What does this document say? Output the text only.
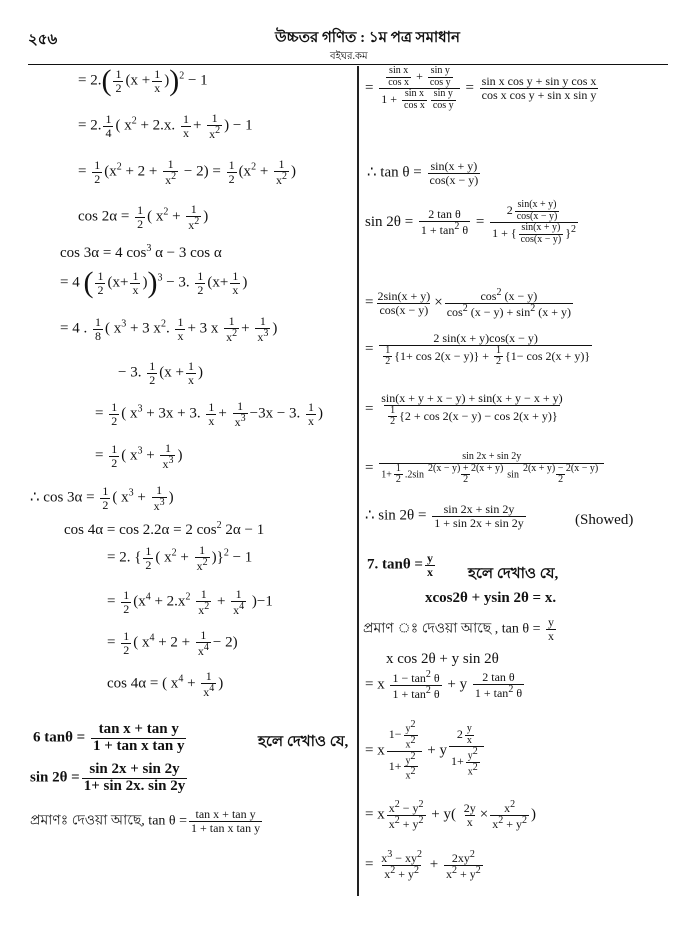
২৫৬	উচ্চতর গণিত : ১ম পত্র সমাধান
বইঘর.কম
= $2.( \frac{1}{2} (x + \frac{1}{x} ))^2 - 1$
= 2. $\frac{1}{4}$ ( $x^2 + 2.x$. $\frac{1}{x} + \frac{1}{x^2}$ ) − 1
= $\frac{1}{2} (x^2 + 2 + \frac{1}{x^2} - 2) = \frac{1}{2} (x^2 + \frac{1}{x^2}$ )
$\cos 2\alpha = \frac{1}{2}$ ( $x^2 + \frac{1}{x^2}$ )
cos 3α = 4 $\cos^3 \alpha - 3$ cos α
= 4 ( $\frac{1}{2} (x+ \frac{1}{x} ))^3 - 3$. $\frac{1}{2} (x+ \frac{1}{x}$ )
= 4 . $\frac{1}{8}$ ( $x^3 + 3$ $x^2$. $\frac{1}{x} + 3$ x $\frac{1}{x^2} + \frac{1}{x^3}$ )
− 3. $\frac{1}{2} (x + \frac{1}{x}$ )
= $\frac{1}{2}$ ( $x^3 + 3x + 3$. $\frac{1}{x} + \frac{1}{x^3} -3x - 3$. $\frac{1}{x}$ )
= $\frac{1}{2}$ ( $x^3 + \frac{1}{x^3}$ )
∴ $\cos 3\alpha = \frac{1}{2}$ ( $x^3 + \frac{1}{x^3}$ )
cos 4α = cos 2.2α = 2 $\cos^2 2\alpha - 1$
= 2. { $\frac{1}{2}$ ( $x^2 + \frac{1}{x^2} )\}^2 - 1$
= $\frac{1}{2} (x^4 + 2.x^2 \frac{1}{x^2} + \frac{1}{x^4} )-1$
= $\frac{1}{2}$ ( $x^4 + 2 + \frac{1}{x^4} - 2$)
cos 4α = ( $x^4 + \frac{1}{x^4}$ )
6 $\tan\theta = \frac{\text{tan x + tan y}}{\text{1 + tan x tan y}}$	হলে দেখাও যে,
$\sin 2\theta = \frac{\sin 2x + \sin 2y}{1+ \sin 2x. \sin 2y}$
প্রমাণঃ দেওয়া আছে, $\tan \theta = \frac{\text{tan x + tan y}}{\text{1 + tan x tan y}}$
= $\frac{\frac{\text{sin x}}{\text{cos x}} + \frac{\text{sin y}}{\text{cos y}}}{1 + \frac{\text{sin x}}{\text{cos x}} \frac{\text{sin y}}{\text{cos y}}} = \frac{\text{sin x cos y + sin y cos x}}{\text{cos x cos y + sin x sin y}}$
∴ $\tan \theta = \frac{\sin(x + y)}{\cos(x - y)}$
$\sin 2\theta = \frac{\text{2 tan θ}}{1 + \tan^2 \theta} = \frac{2 \frac{\sin(x + y)}{\cos(x - y)}}{1 + \{ \frac{\sin(x + y)}{\cos(x - y)} \}^2}$
= $\frac{2\sin(x + y)}{\cos(x - y)} \times \frac{\cos^2 (x - y)}{\cos^2 (x - y) + \sin^2 (x + y)}$
= $\frac{2 \sin(x + y)\cos(x - y)}{\frac{1}{2} \{1+ \cos 2(x - y)\} + \frac{1}{2} \{1- \cos 2(x + y)\}}$
= $\frac{\sin(x + y + x - y) + \sin(x + y - x + y)}{\frac{1}{2} \{2 + \cos 2(x - y) - \cos 2(x + y)\}}$
= $\frac{\sin 2x + \sin 2y}{1+ \frac{1}{2} .2\sin \frac{2(x - y) + 2(x + y)}{2} \sin \frac{2(x + y) - 2(x - y)}{2}}$
∴ $\sin 2\theta = \frac{\sin 2x + \sin 2y}{1 + \sin 2x + \sin 2y}$	(Showed)
7. $\tan\theta = \frac{y}{x}$ হলে দেখাও যে,
xcos2θ + ysin 2θ = x.
প্রমাণ ঃ দেওয়া আছে , $\tan \theta = \frac{y}{x}$
x cos 2θ + y sin 2θ
= x $\frac{1 - \tan^2 \theta}{1 + \tan^2 \theta} + y \frac{\text{2 tan θ}}{1 + \tan^2 \theta}$
= x $\frac{1- \frac{y^2}{x^2}}{1+ \frac{y^2}{x^2}} + y \frac{2 \frac{y}{x}}{1+ \frac{y^2}{x^2}}$
= x $\frac{x^2 - y^2}{x^2 + y^2} + y( \frac{2y}{x} \times \frac{x^2}{x^2 + y^2}$ )
= $\frac{x^3 - xy^2}{x^2 + y^2} + \frac{2xy^2}{x^2 + y^2}$
